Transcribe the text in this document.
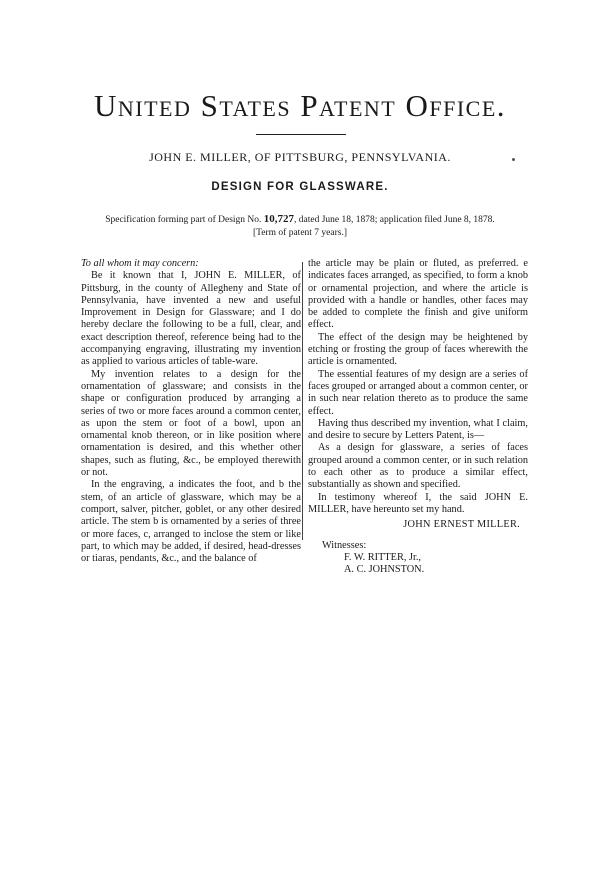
United States Patent Office.
JOHN E. MILLER, OF PITTSBURG, PENNSYLVANIA.
DESIGN FOR GLASSWARE.
Specification forming part of Design No. 10,727, dated June 18, 1878; application filed June 8, 1878.
[Term of patent 7 years.]

To all whom it may concern:

Be it known that I, JOHN E. MILLER, of Pittsburg, in the county of Allegheny and State of Pennsylvania, have invented a new and useful Improvement in Design for Glassware; and I do hereby declare the following to be a full, clear, and exact description thereof, reference being had to the accompanying engraving, illustrating my invention as applied to various articles of table-ware.

My invention relates to a design for the ornamentation of glassware; and consists in the shape or configuration produced by arranging a series of two or more faces around a common center, as upon the stem or foot of a bowl, upon an ornamental knob thereon, or in like position where ornamentation is desired, and this whether other shapes, such as fluting, &c., be employed therewith or not.

In the engraving, a indicates the foot, and b the stem, of an article of glassware, which may be a comport, salver, pitcher, goblet, or any other desired article. The stem b is ornamented by a series of three or more faces, c, arranged to inclose the stem or like part, to which may be added, if desired, head-dresses or tiaras, pendants, &c., and the balance of

the article may be plain or fluted, as preferred. e indicates faces arranged, as specified, to form a knob or ornamental projection, and where the article is provided with a handle or handles, other faces may be added to complete the finish and give uniform effect.

The effect of the design may be heightened by etching or frosting the group of faces wherewith the article is ornamented.

The essential features of my design are a series of faces grouped or arranged about a common center, or in such near relation thereto as to produce the same effect.

Having thus described my invention, what I claim, and desire to secure by Letters Patent, is—

As a design for glassware, a series of faces grouped around a common center, or in such relation to each other as to produce a similar effect, substantially as shown and specified.

In testimony whereof I, the said JOHN E. MILLER, have hereunto set my hand.

JOHN ERNEST MILLER.
Witnesses:
F. W. RITTER, Jr.,
A. C. JOHNSTON.
